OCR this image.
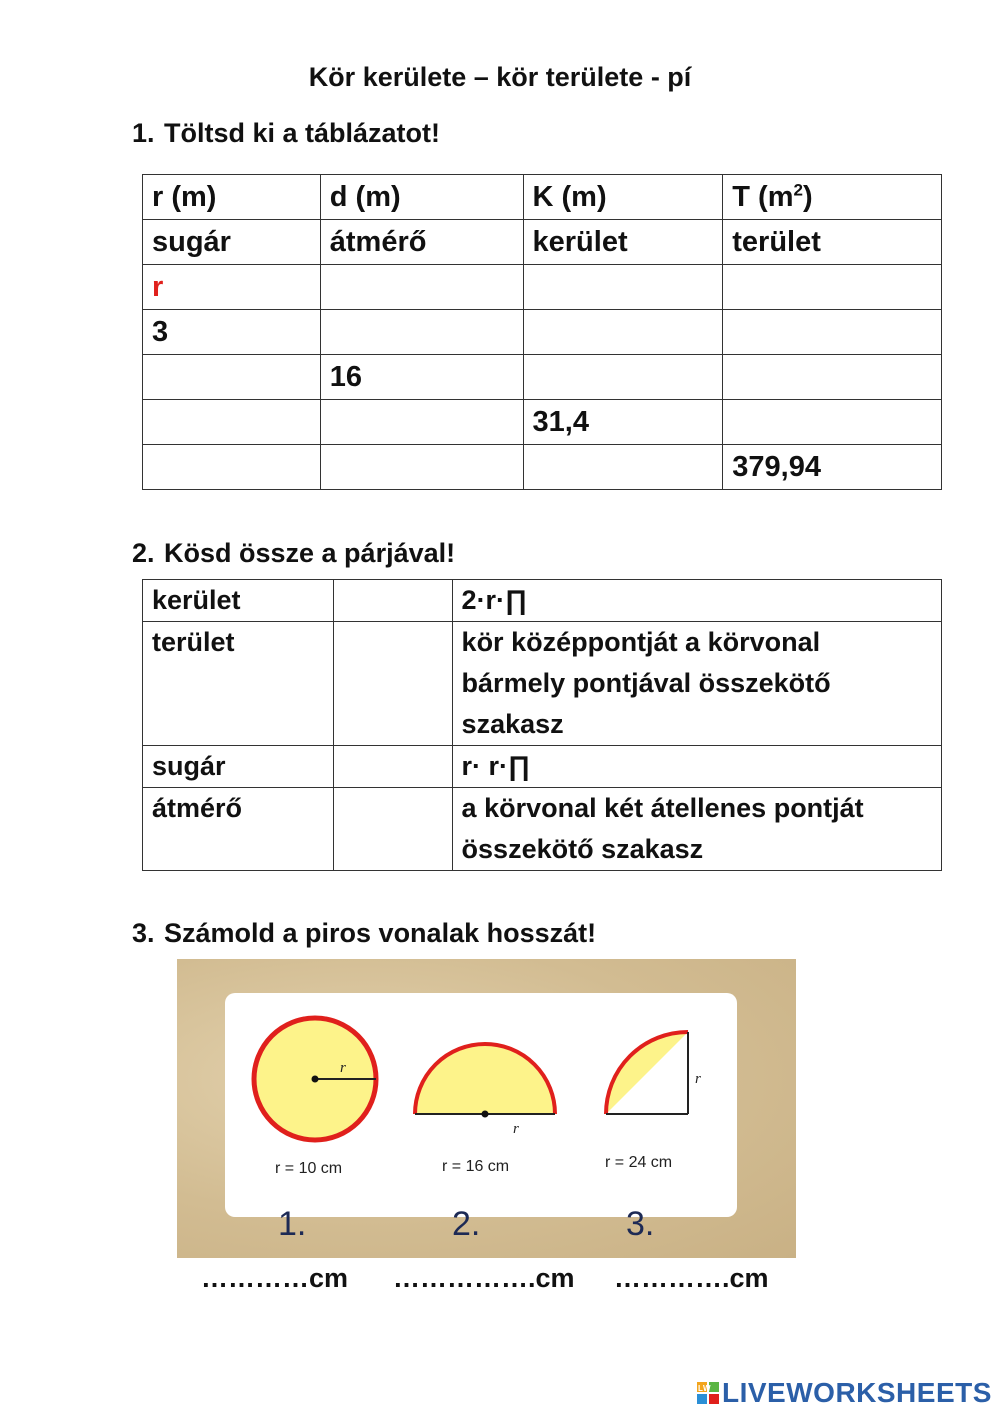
Kör kerülete – kör területe - pí
1. Töltsd ki a táblázatot!
r (m)	d (m)	K (m)	T $(m^2)$
sugár	átmérő	kerület	terület
r			
3			
	16		
		31,4	
			379,94
2. Kösd össze a párjával!
kerület		2·r·∏
terület		kör középpontját a körvonal bármely pontjával összekötő szakasz
sugár		r· r·∏
átmérő		a körvonal két átellenes pontját összekötő szakasz
3. Számold a piros vonalak hosszát!
r
r = 10 cm
r
r = 16 cm
r
r = 24 cm
1.	2.	3.

…………cm …………….cm ………….cm

LW LIVEWORKSHEETS
